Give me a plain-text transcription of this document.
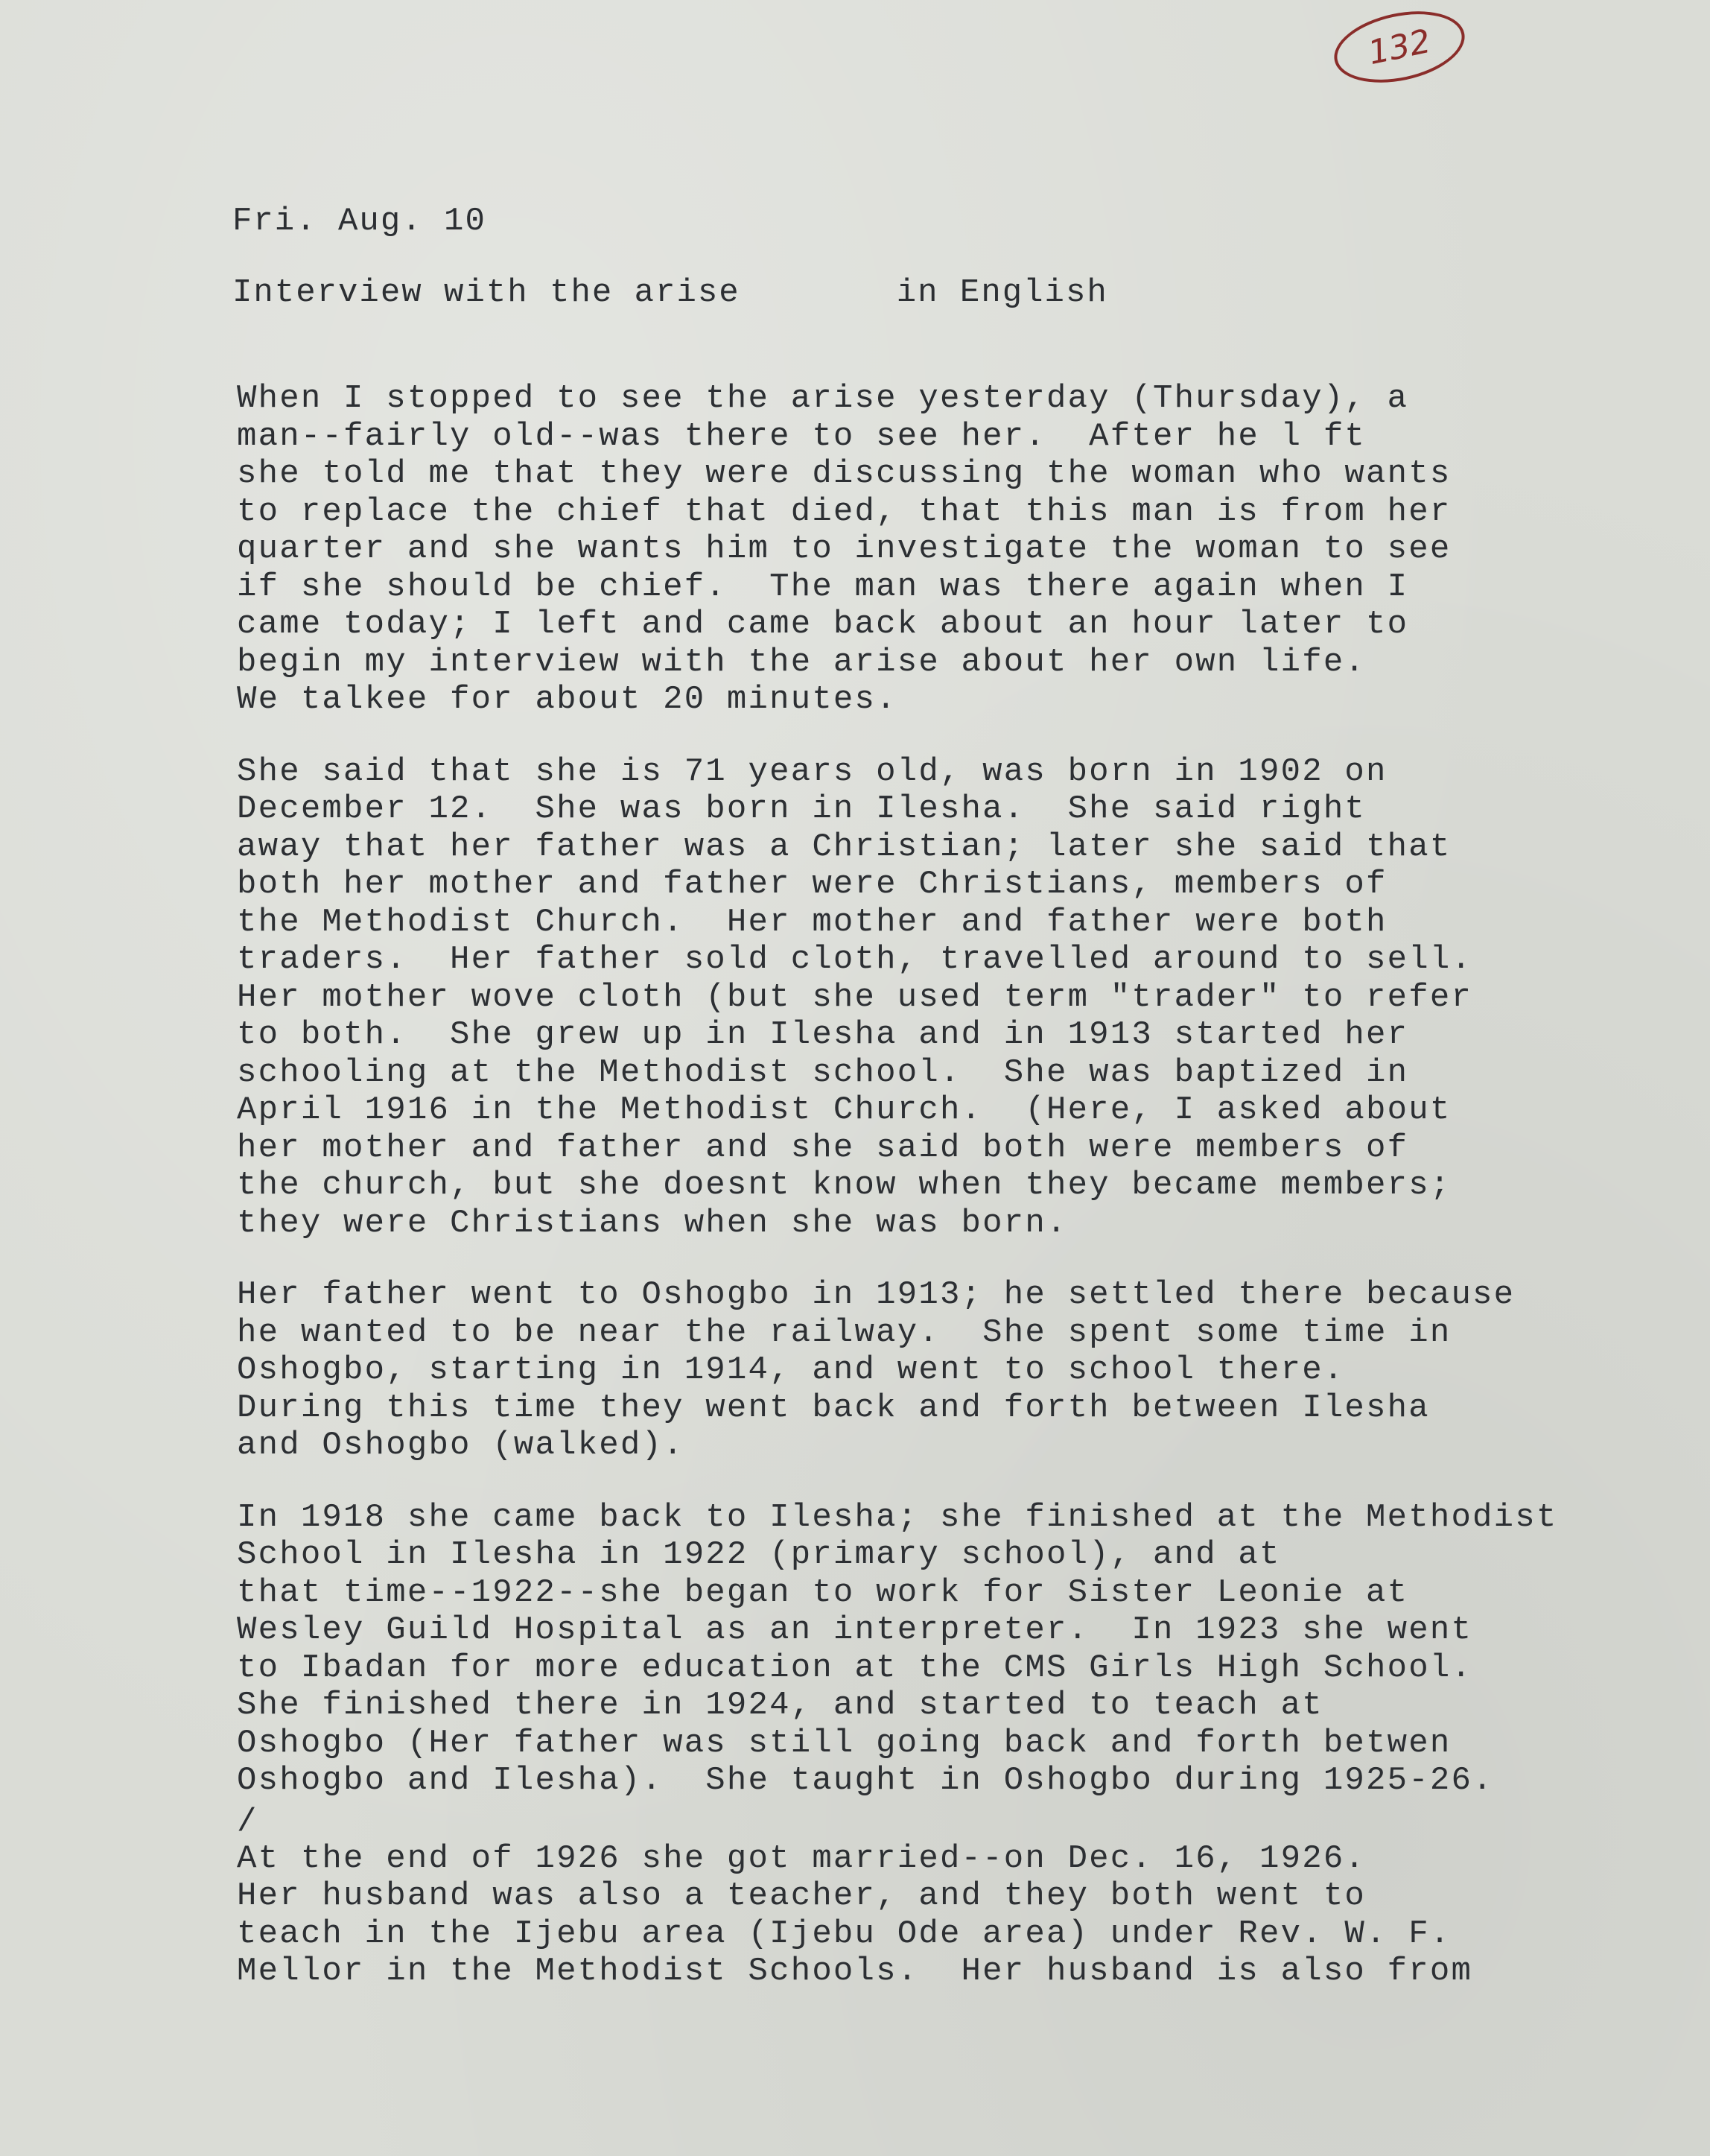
132
Fri. Aug. 10
Interview with the arise	in English
When I stopped to see the arise yesterday (Thursday), a
man--fairly old--was there to see her.  After he l ft
she told me that they were discussing the woman who wants
to replace the chief that died, that this man is from her
quarter and she wants him to investigate the woman to see
if she should be chief.  The man was there again when I
came today; I left and came back about an hour later to
begin my interview with the arise about her own life.
We talkee for about 20 minutes.
She said that she is 71 years old, was born in 1902 on
December 12.  She was born in Ilesha.  She said right
away that her father was a Christian; later she said that
both her mother and father were Christians, members of
the Methodist Church.  Her mother and father were both
traders.  Her father sold cloth, travelled around to sell.
Her mother wove cloth (but she used term "trader" to refer
to both.  She grew up in Ilesha and in 1913 started her
schooling at the Methodist school.  She was baptized in
April 1916 in the Methodist Church.  (Here, I asked about
her mother and father and she said both were members of
the church, but she doesnt know when they became members;
they were Christians when she was born.
Her father went to Oshogbo in 1913; he settled there because
he wanted to be near the railway.  She spent some time in
Oshogbo, starting in 1914, and went to school there.
During this time they went back and forth between Ilesha
and Oshogbo (walked).
In 1918 she came back to Ilesha; she finished at the Methodist
School in Ilesha in 1922 (primary school), and at
that time--1922--she began to work for Sister Leonie at
Wesley Guild Hospital as an interpreter.  In 1923 she went
to Ibadan for more education at the CMS Girls High School.
She finished there in 1924, and started to teach at
Oshogbo (Her father was still going back and forth betwen
Oshogbo and Ilesha).  She taught in Oshogbo during 1925-26.
/
At the end of 1926 she got married--on Dec. 16, 1926.
Her husband was also a teacher, and they both went to
teach in the Ijebu area (Ijebu Ode area) under Rev. W. F.
Mellor in the Methodist Schools.  Her husband is also from
